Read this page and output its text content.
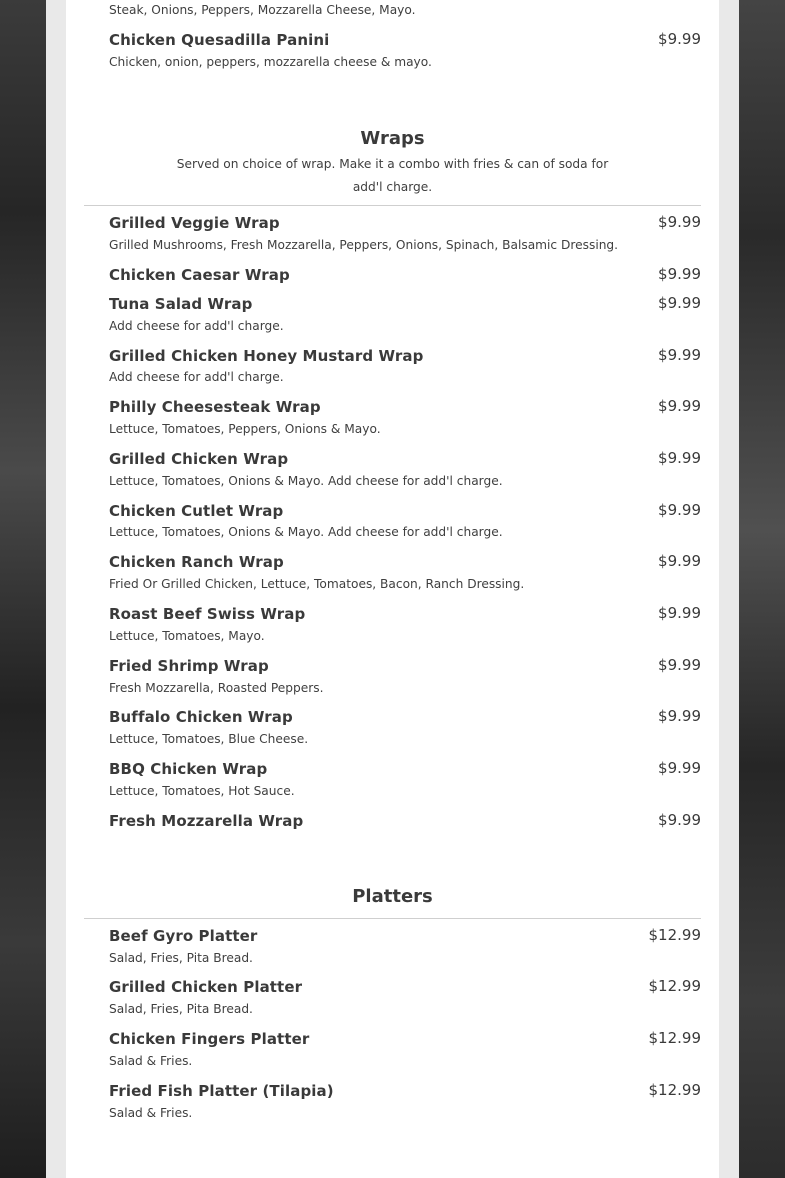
Steak, Onions, Peppers, Mozzarella Cheese, Mayo.
Chicken Quesadilla Panini	$9.99
Chicken, onion, peppers, mozzarella cheese & mayo.
Wraps
Served on choice of wrap. Make it a combo with fries & can of soda for add'l charge.
Grilled Veggie Wrap	$9.99
Grilled Mushrooms, Fresh Mozzarella, Peppers, Onions, Spinach, Balsamic Dressing.
Chicken Caesar Wrap	$9.99
Tuna Salad Wrap	$9.99
Add cheese for add'l charge.
Grilled Chicken Honey Mustard Wrap	$9.99
Add cheese for add'l charge.
Philly Cheesesteak Wrap	$9.99
Lettuce, Tomatoes, Peppers, Onions & Mayo.
Grilled Chicken Wrap	$9.99
Lettuce, Tomatoes, Onions & Mayo. Add cheese for add'l charge.
Chicken Cutlet Wrap	$9.99
Lettuce, Tomatoes, Onions & Mayo. Add cheese for add'l charge.
Chicken Ranch Wrap	$9.99
Fried Or Grilled Chicken, Lettuce, Tomatoes, Bacon, Ranch Dressing.
Roast Beef Swiss Wrap	$9.99
Lettuce, Tomatoes, Mayo.
Fried Shrimp Wrap	$9.99
Fresh Mozzarella, Roasted Peppers.
Buffalo Chicken Wrap	$9.99
Lettuce, Tomatoes, Blue Cheese.
BBQ Chicken Wrap	$9.99
Lettuce, Tomatoes, Hot Sauce.
Fresh Mozzarella Wrap	$9.99
Platters
Beef Gyro Platter	$12.99
Salad, Fries, Pita Bread.
Grilled Chicken Platter	$12.99
Salad, Fries, Pita Bread.
Chicken Fingers Platter	$12.99
Salad & Fries.
Fried Fish Platter (Tilapia)	$12.99
Salad & Fries.
